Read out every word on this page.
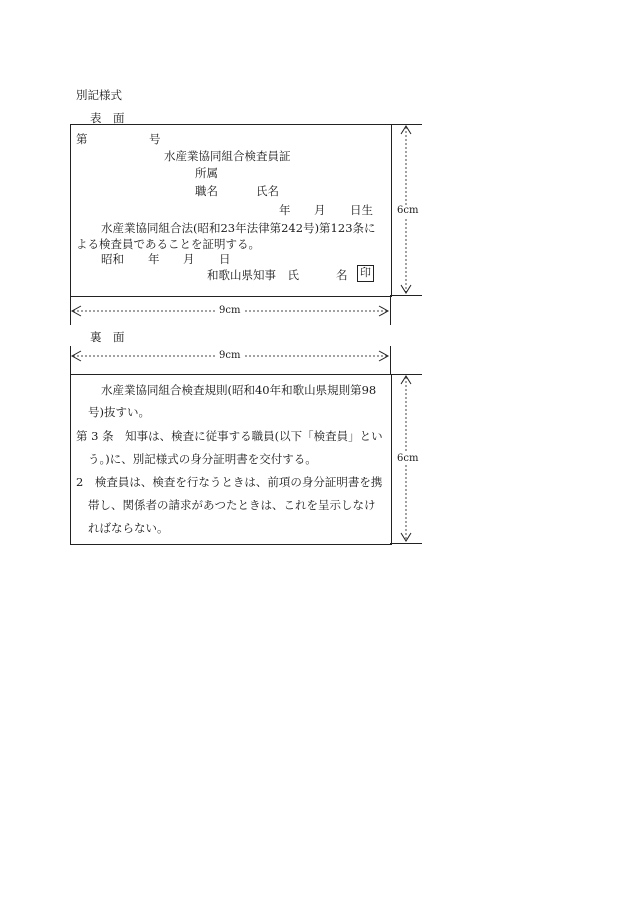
別記様式
表　面
第	号
水産業協同組合検査員証
所属
職名	氏名
年 月 日生
水産業協同組合法(昭和23年法律第242号)第123条に
よる検査員であることを証明する。
昭和 年 月 日
和歌山県知事　氏	名 印
6cm
9cm
裏　面
9cm
水産業協同組合検査規則(昭和40年和歌山県規則第98
号)抜すい。
第 3 条　知事は、検査に従事する職員(以下「検査員」とい
う。)に、別記様式の身分証明書を交付する。
2　検査員は、検査を行なうときは、前項の身分証明書を携
帯し、関係者の請求があつたときは、これを呈示しなけ
ればならない。
6cm
